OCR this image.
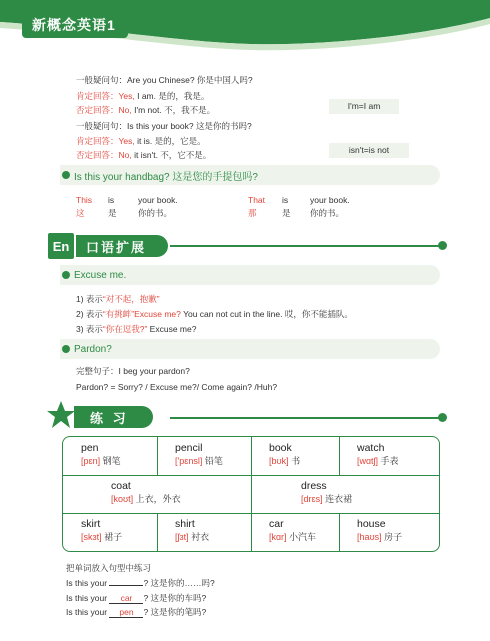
新概念英语1
一般疑问句：Are you Chinese? 你是中国人吗?
肯定回答：Yes, I am. 是的，我是。
否定回答：No, I'm not. 不，我不是。
一般疑问句：Is this your book? 这是你的书吗?
肯定回答：Yes, it is. 是的，它是。
否定回答：No, it isn't. 不，它不是。
I'm=I am
isn't=is not
Is this your handbag? 这是您的手提包吗?
This
这
is
是
your book.
你的书。
That
那
is
是
your book.
你的书。
En	口语扩展
Excuse me.
1) 表示“对不起，抱歉”
2) 表示“有挑衅”Excuse me? You can not cut in the line. 哎，你不能插队。
3) 表示“你在逗我?” Excuse me?
Pardon?
完整句子：I beg your pardon?
Pardon? = Sorry? / Excuse me?/ Come again? /Huh?
练 习
pen
[pɛn] 钢笔
pencil
['pɛnsl] 铅笔
book
[bʊk] 书
watch
[wɑtʃ] 手表
coat
[koʊt] 上衣，外衣
dress
[drɛs] 连衣裙
skirt
[skɜt] 裙子
shirt
[ʃɜt] 衬衣
car
[kɑr] 小汽车
house
[haʊs] 房子
把单词放入句型中练习
Is this your	? 这是你的……吗?
Is this your car ? 这是你的车吗?
Is this your pen ? 这是你的笔吗?
